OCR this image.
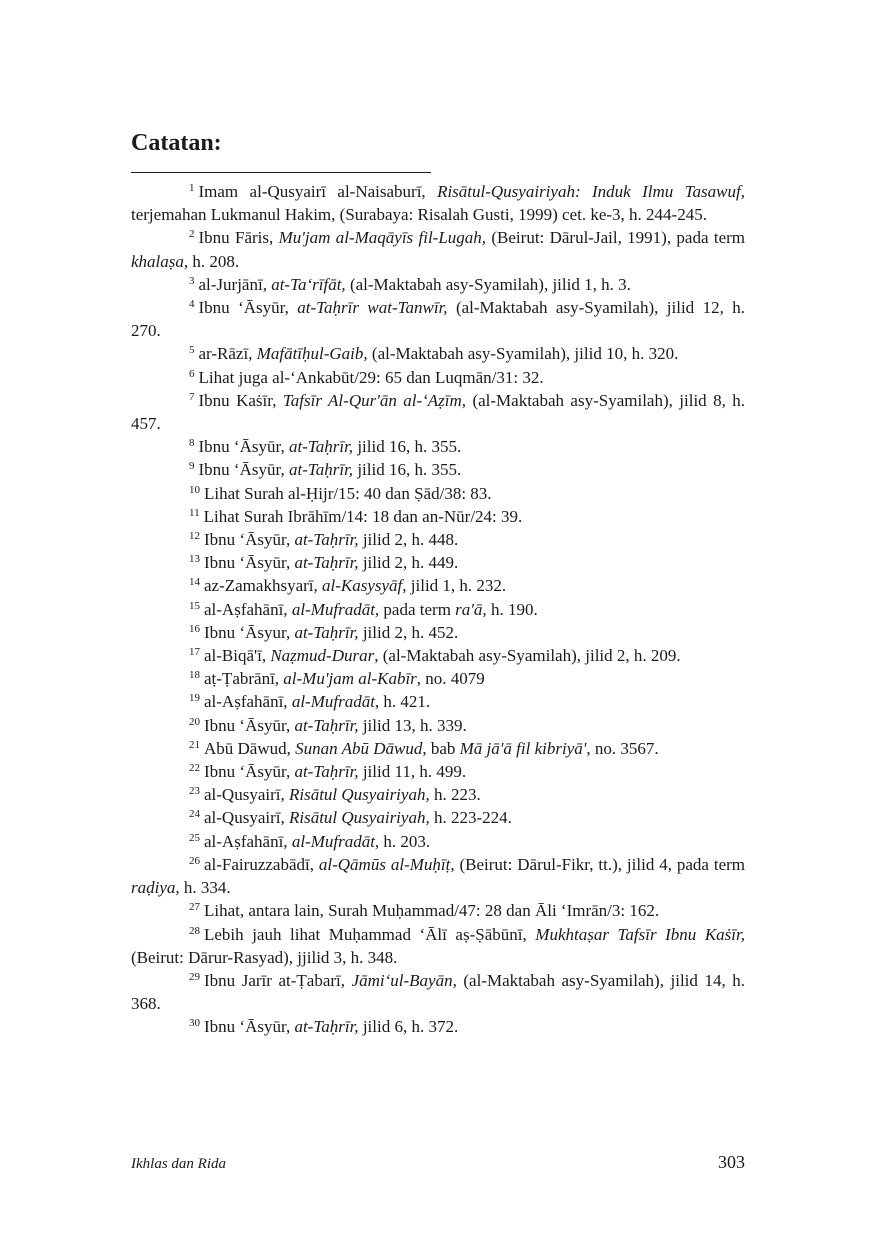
Catatan:

$^1$ Imam al-Qusyairī al-Naisaburī, Risātul-Qusyairiyah: Induk Ilmu Tasawuf, terjemahan Lukmanul Hakim, (Surabaya: Risalah Gusti, 1999) cet. ke-3, h. 244-245.

$^2$ Ibnu Fāris, Mu'jam al-Maqāyīs fil-Lugah, (Beirut: Dārul-Jail, 1991), pada term khalaṣa, h. 208.

$^3$ al-Jurjānī, at-Ta‘rīfāt, (al-Maktabah asy-Syamilah), jilid 1, h. 3.

$^4$ Ibnu ‘Āsyūr, at-Taḥrīr wat-Tanwīr, (al-Maktabah asy-Syamilah), jilid 12, h. 270.

$^5$ ar-Rāzī, Mafātīḥul-Gaib, (al-Maktabah asy-Syamilah), jilid 10, h. 320.

$^6$ Lihat juga al-‘Ankabūt/29: 65 dan Luqmān/31: 32.

$^7$ Ibnu Kaṡīr, Tafsīr Al-Qur'ān al-‘Aẓīm, (al-Maktabah asy-Syamilah), jilid 8, h. 457.

$^8$ Ibnu ‘Āsyūr, at-Taḥrīr, jilid 16, h. 355.

$^9$ Ibnu ‘Āsyūr, at-Taḥrīr, jilid 16, h. 355.

$^{10}$ Lihat Surah al-Ḥijr/15: 40 dan Ṣād/38: 83.

$^{11}$ Lihat Surah Ibrāhīm/14: 18 dan an-Nūr/24: 39.

$^{12}$ Ibnu ‘Āsyūr, at-Taḥrīr, jilid 2, h. 448.

$^{13}$ Ibnu ‘Āsyūr, at-Taḥrīr, jilid 2, h. 449.

$^{14}$ az-Zamakhsyarī, al-Kasysyāf, jilid 1, h. 232.

$^{15}$ al-Aṣfahānī, al-Mufradāt, pada term ra'ā, h. 190.

$^{16}$ Ibnu ‘Āsyur, at-Taḥrīr, jilid 2, h. 452.

$^{17}$ al-Biqā'ī, Naẓmud-Durar, (al-Maktabah asy-Syamilah), jilid 2, h. 209.

$^{18}$ aṭ-Ṭabrānī, al-Mu'jam al-Kabīr, no. 4079

$^{19}$ al-Aṣfahānī, al-Mufradāt, h. 421.

$^{20}$ Ibnu ‘Āsyūr, at-Taḥrīr, jilid 13, h. 339.

$^{21}$ Abū Dāwud, Sunan Abū Dāwud, bab Mā jā'ā fil kibriyā', no. 3567.

$^{22}$ Ibnu ‘Āsyūr, at-Taḥrīr, jilid 11, h. 499.

$^{23}$ al-Qusyairī, Risātul Qusyairiyah, h. 223.

$^{24}$ al-Qusyairī, Risātul Qusyairiyah, h. 223-224.

$^{25}$ al-Aṣfahānī, al-Mufradāt, h. 203.

$^{26}$ al-Fairuzzabādī, al-Qāmūs al-Muḥīṭ, (Beirut: Dārul-Fikr, tt.), jilid 4, pada term raḍiya, h. 334.

$^{27}$ Lihat, antara lain, Surah Muḥammad/47: 28 dan Āli ‘Imrān/3: 162.

$^{28}$ Lebih jauh lihat Muḥammad ‘Ālī aṣ-Ṣābūnī, Mukhtaṣar Tafsīr Ibnu Kaṡīr, (Beirut: Dārur-Rasyad), jjilid 3, h. 348.

$^{29}$ Ibnu Jarīr at-Ṭabarī, Jāmi‘ul-Bayān, (al-Maktabah asy-Syamilah), jilid 14, h. 368.

$^{30}$ Ibnu ‘Āsyūr, at-Taḥrīr, jilid 6, h. 372.

Ikhlas dan Rida	303
